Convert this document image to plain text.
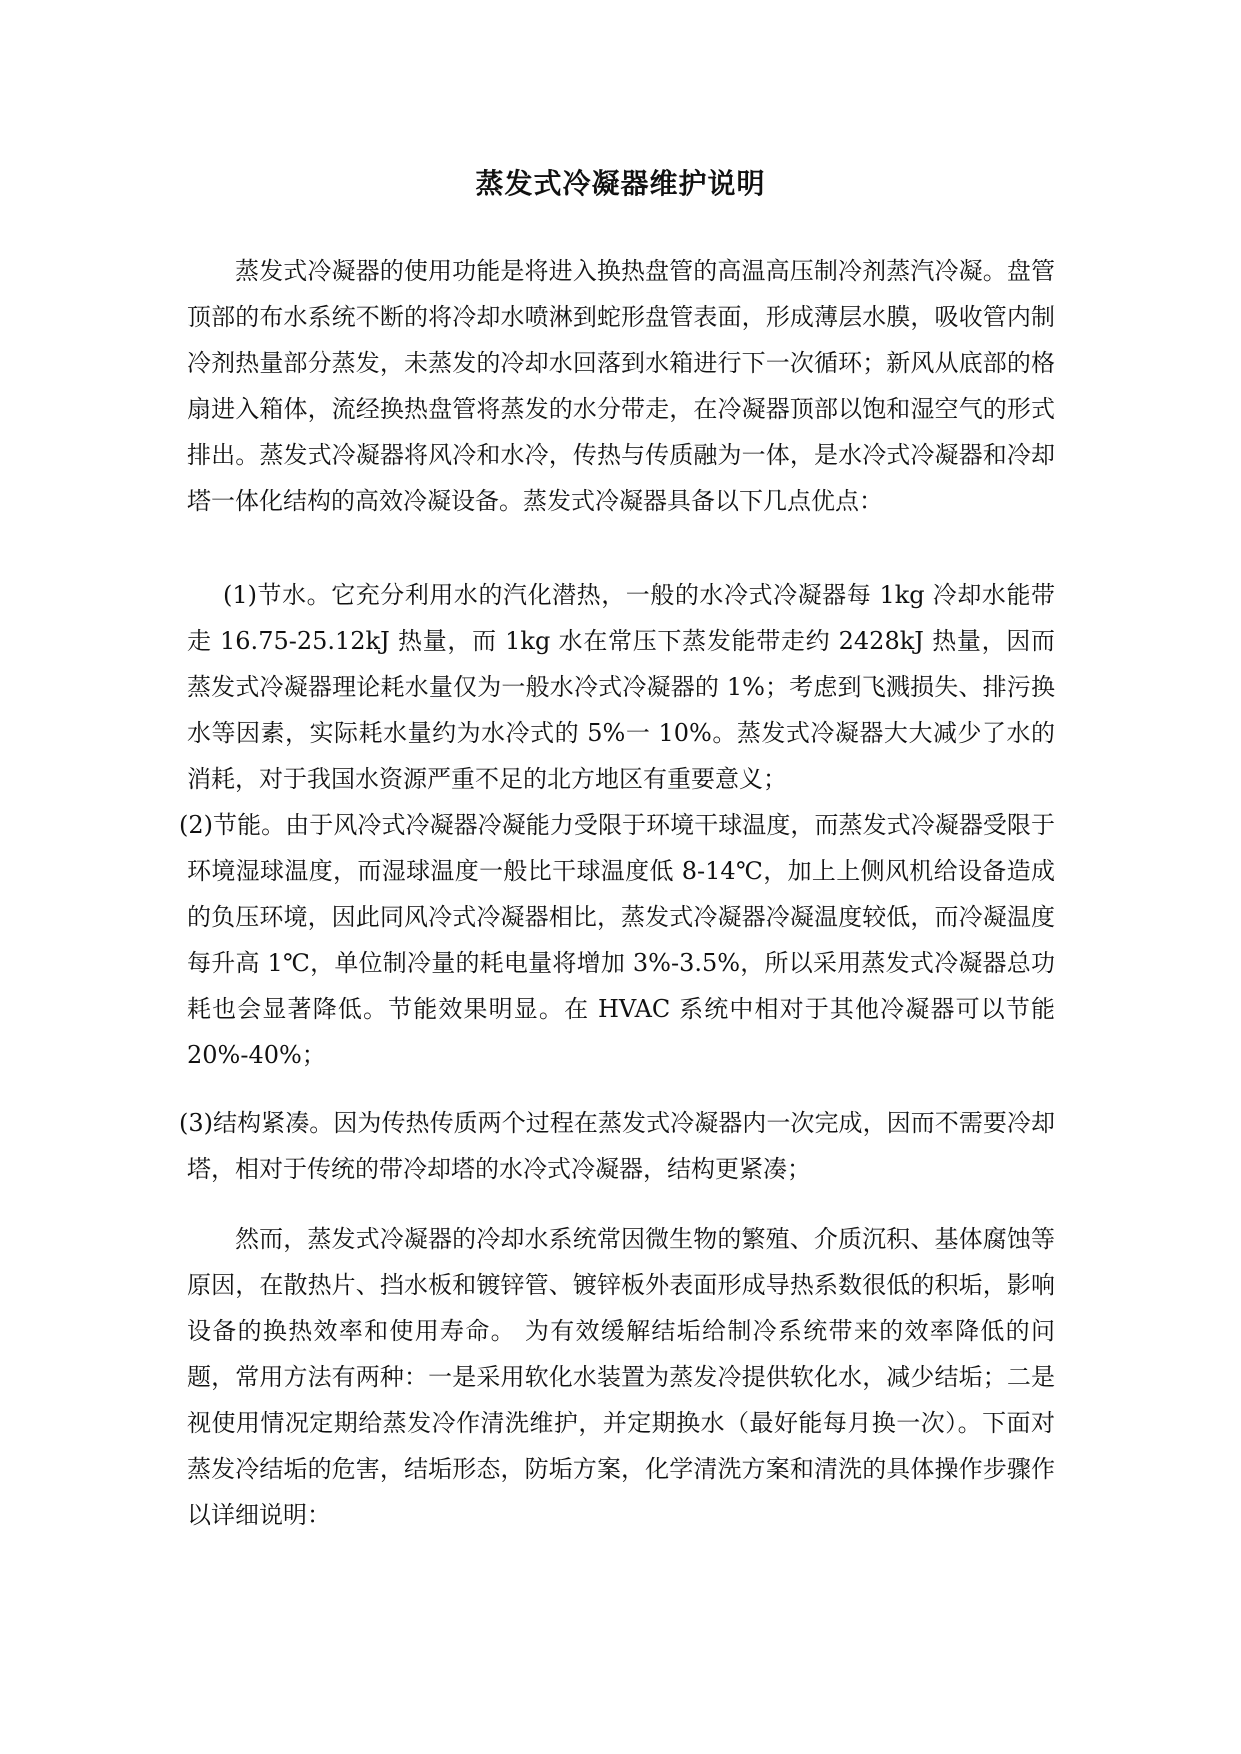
蒸发式冷凝器维护说明

蒸发式冷凝器的使用功能是将进入换热盘管的高温高压制冷剂蒸汽冷凝。盘管顶部的布水系统不断的将冷却水喷淋到蛇形盘管表面，形成薄层水膜，吸收管内制冷剂热量部分蒸发，未蒸发的冷却水回落到水箱进行下一次循环；新风从底部的格扇进入箱体，流经换热盘管将蒸发的水分带走，在冷凝器顶部以饱和湿空气的形式排出。蒸发式冷凝器将风冷和水冷，传热与传质融为一体，是水冷式冷凝器和冷却塔一体化结构的高效冷凝设备。蒸发式冷凝器具备以下几点优点：

(1)节水。它充分利用水的汽化潜热，一般的水冷式冷凝器每 1kg 冷却水能带走 16.75-25.12kJ 热量，而 1kg 水在常压下蒸发能带走约 2428kJ 热量，因而蒸发式冷凝器理论耗水量仅为一般水冷式冷凝器的 1%；考虑到飞溅损失、排污换水等因素，实际耗水量约为水冷式的 5%一 10%。蒸发式冷凝器大大减少了水的消耗，对于我国水资源严重不足的北方地区有重要意义；

(2)节能。由于风冷式冷凝器冷凝能力受限于环境干球温度，而蒸发式冷凝器受限于环境湿球温度，而湿球温度一般比干球温度低 8-14℃，加上上侧风机给设备造成的负压环境，因此同风冷式冷凝器相比，蒸发式冷凝器冷凝温度较低，而冷凝温度每升高 1℃，单位制冷量的耗电量将增加 3%-3.5%，所以采用蒸发式冷凝器总功耗也会显著降低。节能效果明显。在 HVAC 系统中相对于其他冷凝器可以节能 20%-40%；

(3)结构紧凑。因为传热传质两个过程在蒸发式冷凝器内一次完成，因而不需要冷却塔，相对于传统的带冷却塔的水冷式冷凝器，结构更紧凑；

然而，蒸发式冷凝器的冷却水系统常因微生物的繁殖、介质沉积、基体腐蚀等原因，在散热片、挡水板和镀锌管、镀锌板外表面形成导热系数很低的积垢，影响设备的换热效率和使用寿命。 为有效缓解结垢给制冷系统带来的效率降低的问题，常用方法有两种：一是采用软化水装置为蒸发冷提供软化水，减少结垢；二是视使用情况定期给蒸发冷作清洗维护，并定期换水（最好能每月换一次）。下面对蒸发冷结垢的危害，结垢形态，防垢方案，化学清洗方案和清洗的具体操作步骤作以详细说明：
